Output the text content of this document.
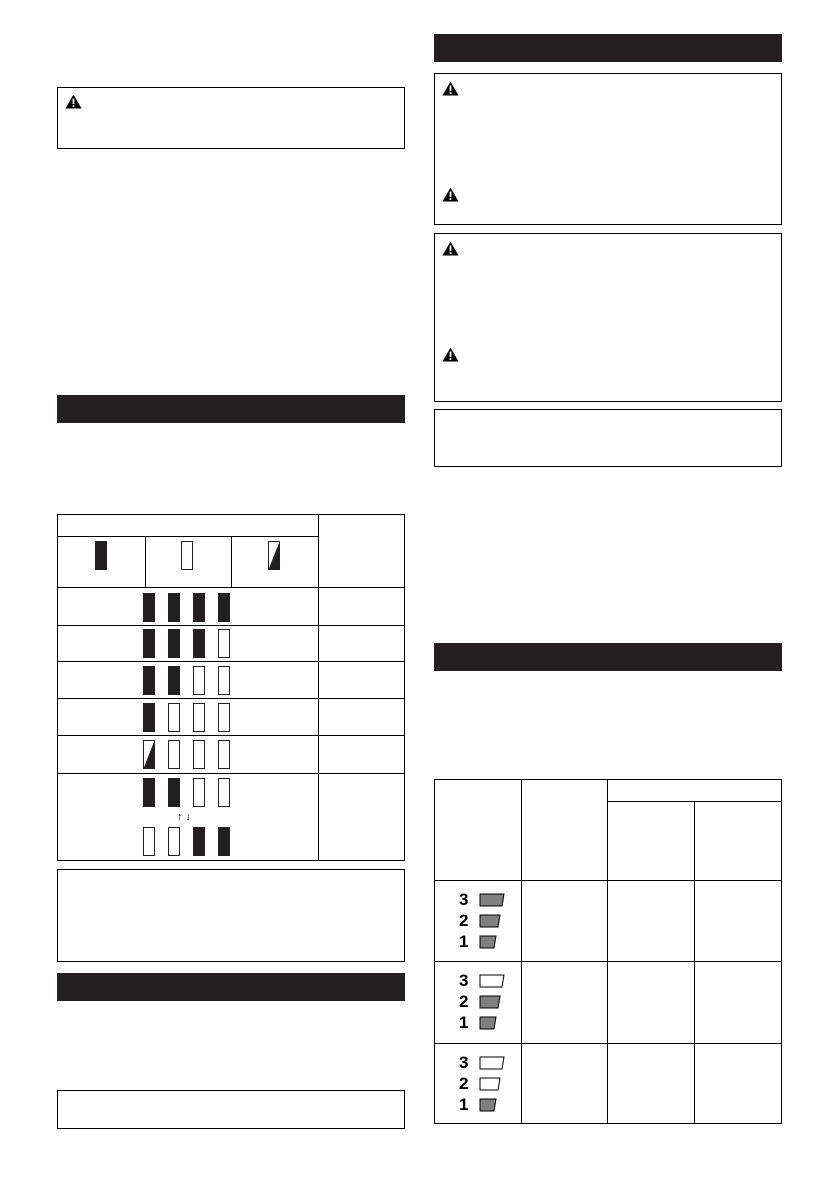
↑ ↓
3
2
1
3
2
1
3
2
1
